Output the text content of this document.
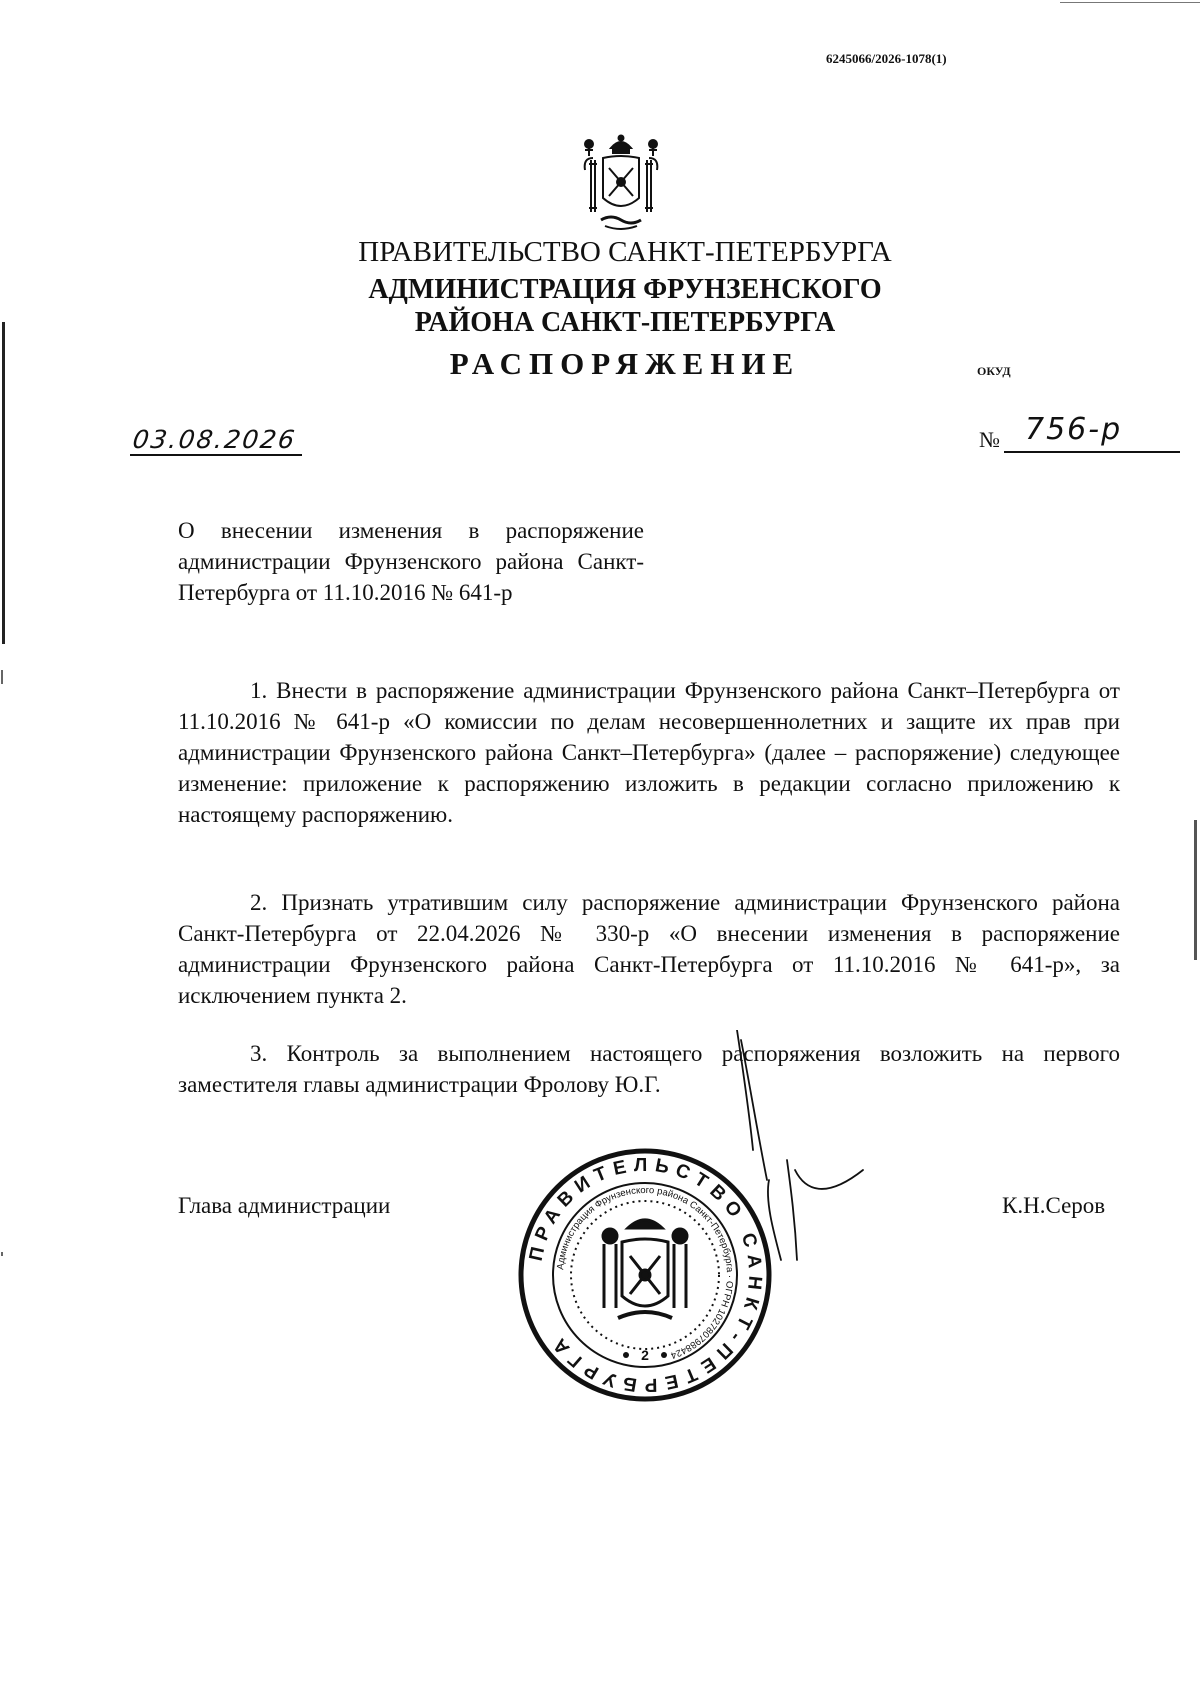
6245066/2026-1078(1)
ПРАВИТЕЛЬСТВО САНКТ-ПЕТЕРБУРГА
АДМИНИСТРАЦИЯ ФРУНЗЕНСКОГО
РАЙОНА САНКТ-ПЕТЕРБУРГА
РАСПОРЯЖЕНИЕ	ОКУД
03.08.2026	№ 756-р
О внесении изменения в распоряжение администрации Фрунзенского района Санкт-Петербурга от 11.10.2016 № 641-р
1. Внести в распоряжение администрации Фрунзенского района Санкт–Петербурга от 11.10.2016 № 641-р «О комиссии по делам несовершеннолетних и защите их прав при администрации Фрунзенского района Санкт–Петербурга» (далее – распоряжение) следующее изменение: приложение к распоряжению изложить в редакции согласно приложению к настоящему распоряжению.
2. Признать утратившим силу распоряжение администрации Фрунзенского района Санкт-Петербурга от 22.04.2026 № 330-р «О внесении изменения в распоряжение администрации Фрунзенского района Санкт-Петербурга от 11.10.2016 № 641-р», за исключением пункта 2.
3. Контроль за выполнением настоящего распоряжения возложить на первого заместителя главы администрации Фролову Ю.Г.
Глава администрации	К.Н.Серов
ПРАВИТЕЛЬСТВО САНКТ-ПЕТЕРБУРГА
Администрация Фрунзенского района Санкт-Петербурга · ОГРН 1027807988424
2
